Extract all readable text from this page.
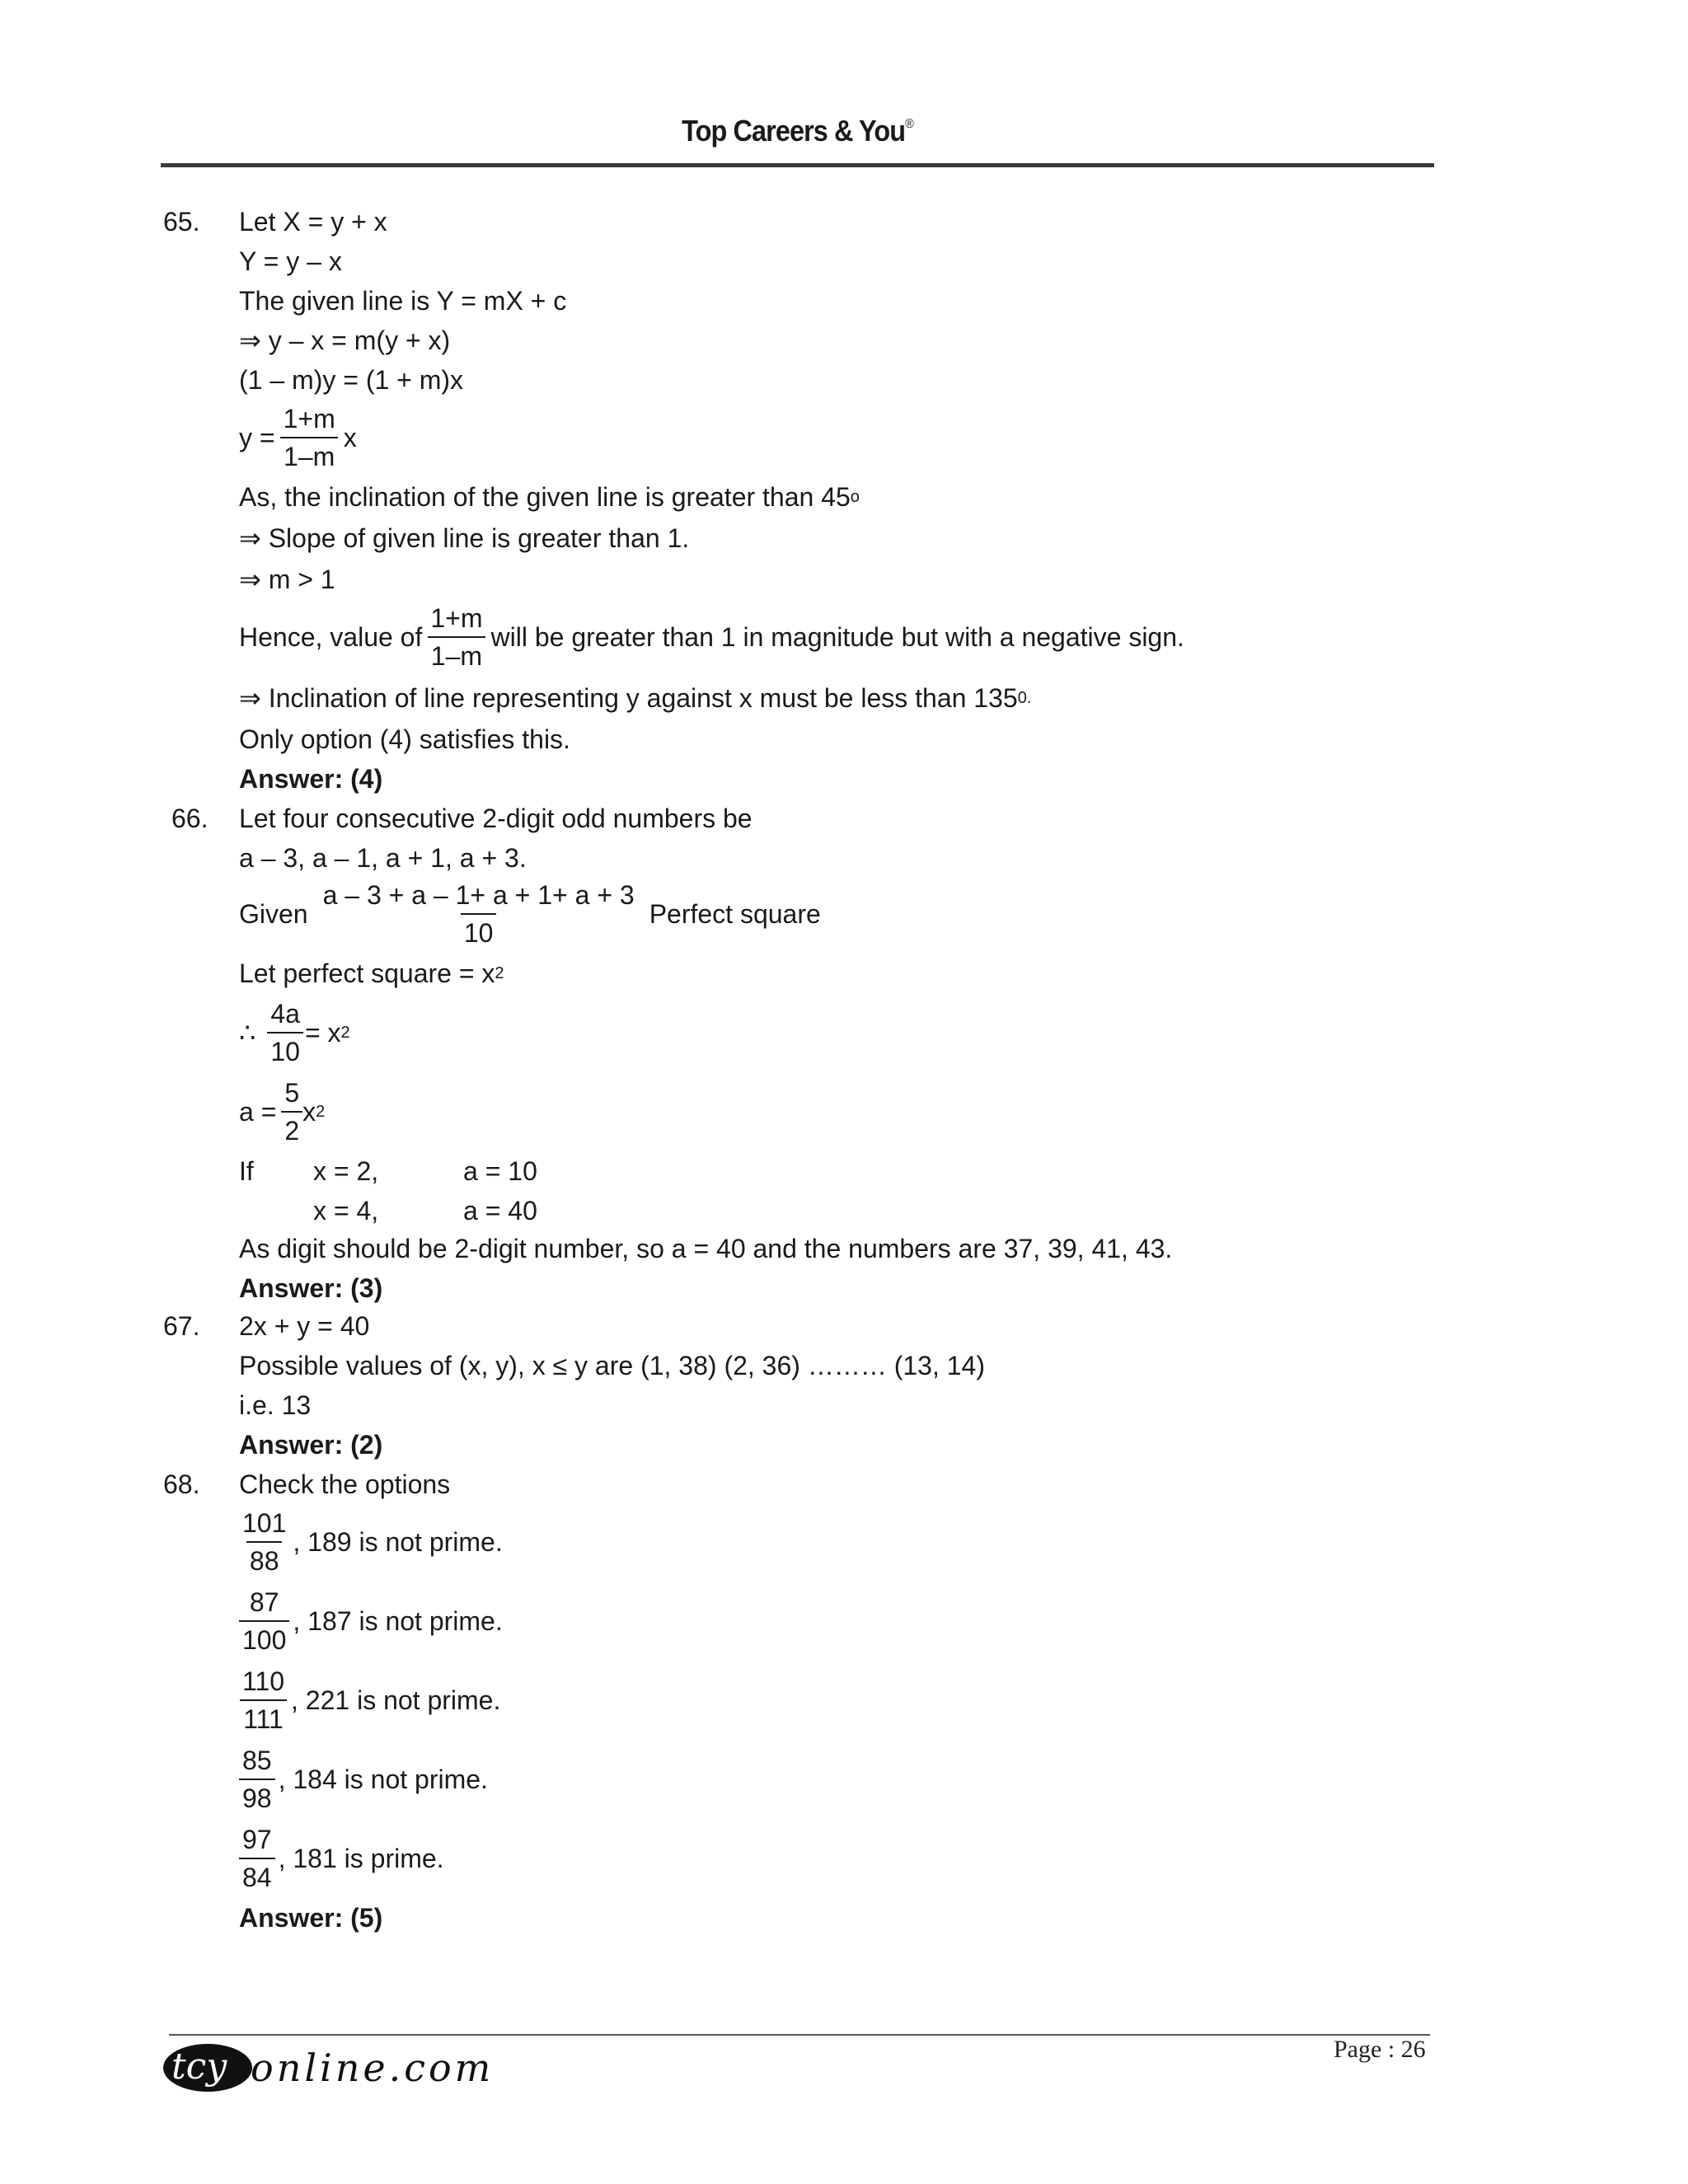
Top Careers & You®
65. Let X = y + x
Y = y – x
The given line is Y = mX + c
⇒ y – x = m(y + x)
(1 – m)y = (1 + m)x
$y = \frac{1+m}{1-m}$ x
As, the inclination of the given line is greater than 45 o
⇒ Slope of given line is greater than 1.
⇒ m > 1
Hence, value of $\frac{1+m}{1-m}$ will be greater than 1 in magnitude but with a negative sign.
⇒ Inclination of line representing y against x must be less than 135 0.
Only option (4) satisfies this.
Answer: (4)
66. Let four consecutive 2-digit odd numbers be
a – 3, a – 1, a + 1, a + 3.
Given $\frac{a - 3 + a - 1+ a + 1+ a + 3}{10}$ Perfect square
Let perfect square = x 2
∴ $\frac{4a}{10} = x$ 2
$a = \frac{5}{2}$ x 2
If x = 2,	a = 10
x = 4,	a = 40
As digit should be 2-digit number, so a = 40 and the numbers are 37, 39, 41, 43.
Answer: (3)
67. 2x + y = 40
Possible values of (x, y), x ≤ y are (1, 38) (2, 36) ……… (13, 14)
i.e. 13
Answer: (2)
68. Check the options
$\frac{101}{88}$ , 189 is not prime.
$\frac{87}{100}$ , 187 is not prime.
$\frac{110}{111}$ , 221 is not prime.
$\frac{85}{98}$ , 184 is not prime.
$\frac{97}{84}$ , 181 is prime.
Answer: (5)
tcy online.com	Page : 26
